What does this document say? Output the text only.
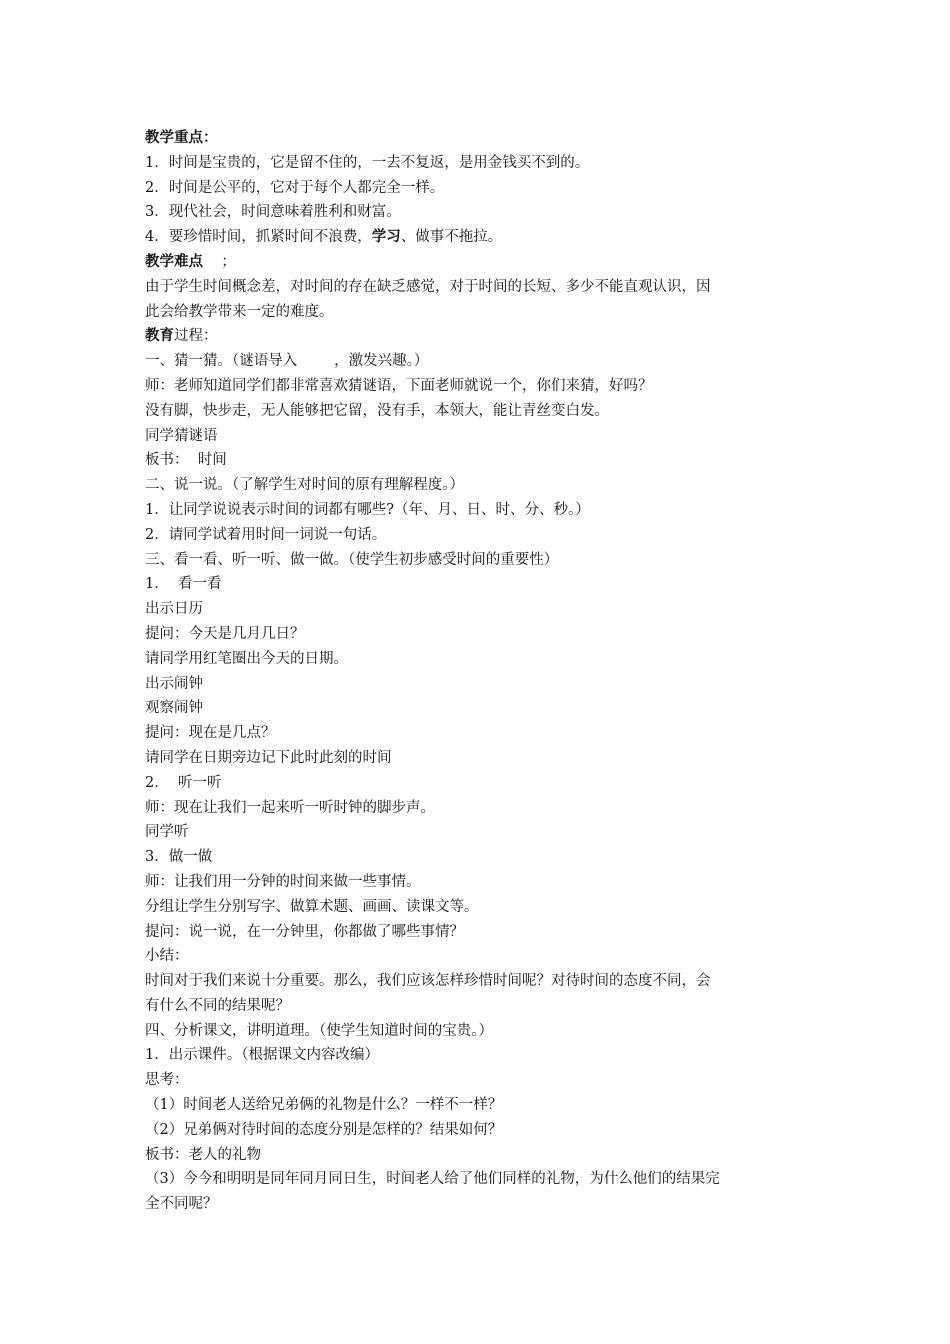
教学重点：
1．时间是宝贵的，它是留不住的，一去不复返，是用金钱买不到的。
2．时间是公平的，它对于每个人都完全一样。
3．现代社会，时间意味着胜利和财富。
4．要珍惜时间，抓紧时间不浪费，学习、做事不拖拉。
教学难点    ；
由于学生时间概念差，对时间的存在缺乏感觉，对于时间的长短、多少不能直观认识，因
此会给教学带来一定的难度。
教育过程：
一、猜一猜。（谜语导入        ，激发兴趣。）
师：老师知道同学们都非常喜欢猜谜语，下面老师就说一个，你们来猜，好吗？
没有脚，快步走，无人能够把它留，没有手，本领大，能让青丝变白发。
同学猜谜语
板书：  时间
二、说一说。（了解学生对时间的原有理解程度。）
1．让同学说说表示时间的词都有哪些?（年、月、日、时、分、秒。）
2．请同学试着用时间一词说一句话。
三、看一看、听一听、做一做。（使学生初步感受时间的重要性）
1．  看一看
出示日历
提问：今天是几月几日？
请同学用红笔圈出今天的日期。
出示闹钟
观察闹钟
提问：现在是几点？
请同学在日期旁边记下此时此刻的时间
2．  听一听
师：现在让我们一起来听一听时钟的脚步声。
同学听
3．做一做
师：让我们用一分钟的时间来做一些事情。
分组让学生分别写字、做算术题、画画、读课文等。
提问：说一说，在一分钟里，你都做了哪些事情？
小结：
时间对于我们来说十分重要。那么，我们应该怎样珍惜时间呢？对待时间的态度不同，会
有什么不同的结果呢？
四、分析课文，讲明道理。（使学生知道时间的宝贵。）
1．出示课件。（根据课文内容改编）
思考：
（1）时间老人送给兄弟俩的礼物是什么？一样不一样？
（2）兄弟俩对待时间的态度分别是怎样的？结果如何？
板书：老人的礼物
（3）今今和明明是同年同月同日生，时间老人给了他们同样的礼物，为什么他们的结果完
全不同呢？
